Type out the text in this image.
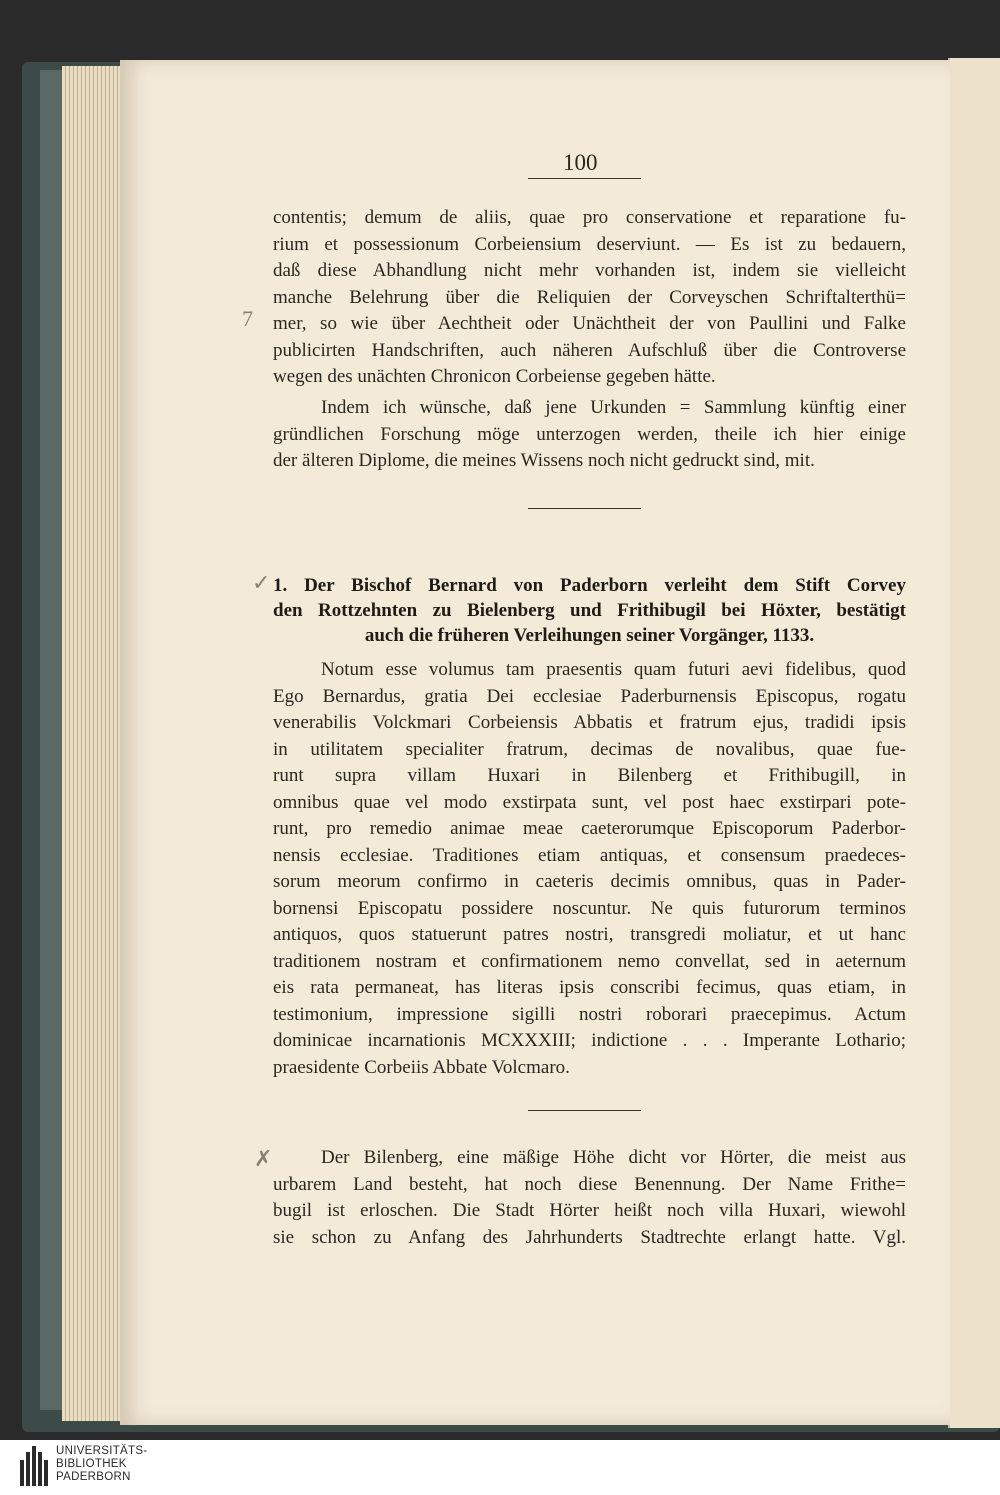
100
contentis; demum de aliis, quae pro conservatione et reparatione fu-
rium et possessionum Corbeiensium deserviunt. — Es ist zu bedauern,
daß diese Abhandlung nicht mehr vorhanden ist, indem sie vielleicht
manche Belehrung über die Reliquien der Corveyschen Schriftalterthü=
mer, so wie über Aechtheit oder Unächtheit der von Paullini und Falke
publicirten Handschriften, auch näheren Aufschluß über die Controverse
wegen des unächten Chronicon Corbeiense gegeben hätte.
Indem ich wünsche, daß jene Urkunden = Sammlung künftig einer
gründlichen Forschung möge unterzogen werden, theile ich hier einige
der älteren Diplome, die meines Wissens noch nicht gedruckt sind, mit.
1. Der Bischof Bernard von Paderborn verleiht dem Stift Corvey
den Rottzehnten zu Bielenberg und Frithibugil bei Höxter, bestätigt
auch die früheren Verleihungen seiner Vorgänger, 1133.
Notum esse volumus tam praesentis quam futuri aevi fidelibus, quod
Ego Bernardus, gratia Dei ecclesiae Paderburnensis Episcopus, rogatu
venerabilis Volckmari Corbeiensis Abbatis et fratrum ejus, tradidi ipsis
in utilitatem specialiter fratrum, decimas de novalibus, quae fue-
runt supra villam Huxari in Bilenberg et Frithibugill, in
omnibus quae vel modo exstirpata sunt, vel post haec exstirpari pote-
runt, pro remedio animae meae caeterorumque Episcoporum Paderbor-
nensis ecclesiae. Traditiones etiam antiquas, et consensum praedeces-
sorum meorum confirmo in caeteris decimis omnibus, quas in Pader-
bornensi Episcopatu possidere noscuntur. Ne quis futurorum terminos
antiquos, quos statuerunt patres nostri, transgredi moliatur, et ut hanc
traditionem nostram et confirmationem nemo convellat, sed in aeternum
eis rata permaneat, has literas ipsis conscribi fecimus, quas etiam, in
testimonium, impressione sigilli nostri roborari praecepimus. Actum
dominicae incarnationis MCXXXIII; indictione . . . Imperante Lothario;
praesidente Corbeiis Abbate Volcmaro.
Der Bilenberg, eine mäßige Höhe dicht vor Hörter, die meist aus
urbarem Land besteht, hat noch diese Benennung. Der Name Frithe=
bugil ist erloschen. Die Stadt Hörter heißt noch villa Huxari, wiewohl
sie schon zu Anfang des Jahrhunderts Stadtrechte erlangt hatte. Vgl.
7
✓
✗
UNIVERSITÄTS-
BIBLIOTHEK
PADERBORN
